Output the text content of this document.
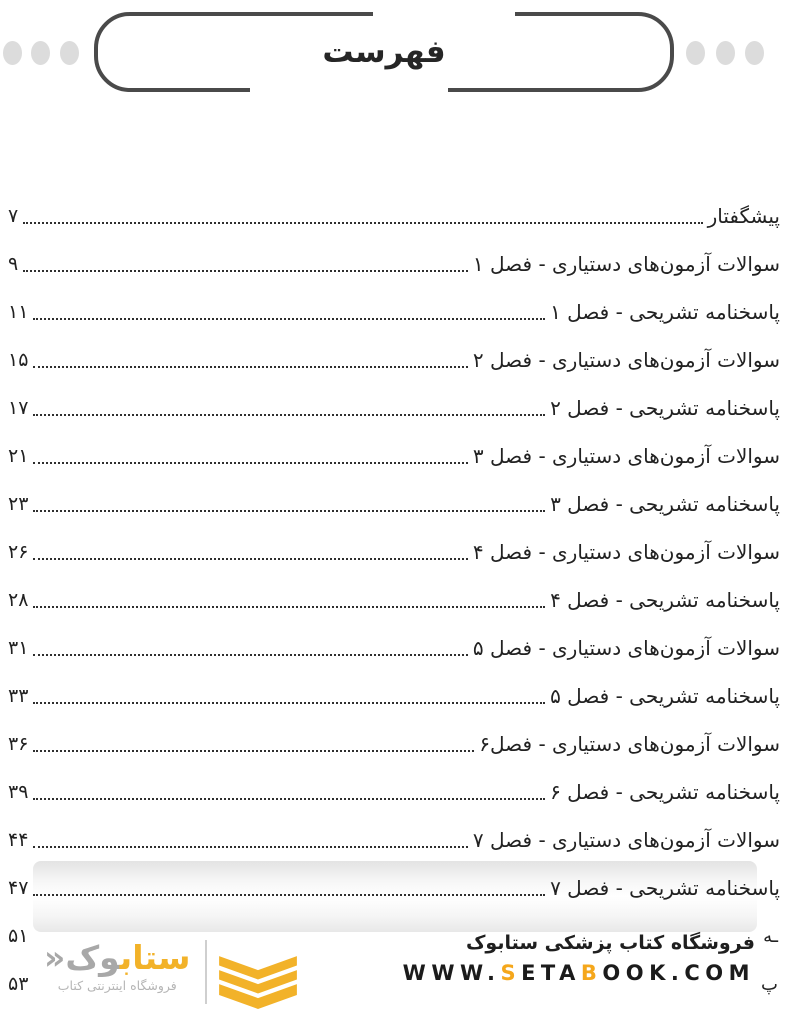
فهرست
پیشگفتار
۷
سوالات آزمون‌های دستیاری - فصل ۱
۹
پاسخنامه تشریحی - فصل ۱
۱۱
سوالات آزمون‌های دستیاری - فصل ۲
۱۵
پاسخنامه تشریحی - فصل ۲
۱۷
سوالات آزمون‌های دستیاری - فصل ۳
۲۱
پاسخنامه تشریحی - فصل ۳
۲۳
سوالات آزمون‌های دستیاری - فصل ۴
۲۶
پاسخنامه تشریحی - فصل ۴
۲۸
سوالات آزمون‌های دستیاری - فصل ۵
۳۱
پاسخنامه تشریحی - فصل ۵
۳۳
سوالات آزمون‌های دستیاری - فصل۶
۳۶
پاسخنامه تشریحی - فصل ۶
۳۹
سوالات آزمون‌های دستیاری - فصل ۷
۴۴
پاسخنامه تشریحی - فصل ۷
۴۷
ـه
۵۱
پ
۵۳
ستابوک«
فروشگاه اینترنتی کتاب
فروشگاه کتاب پزشکی ستابوک
WWW.SETABOOK.COM
